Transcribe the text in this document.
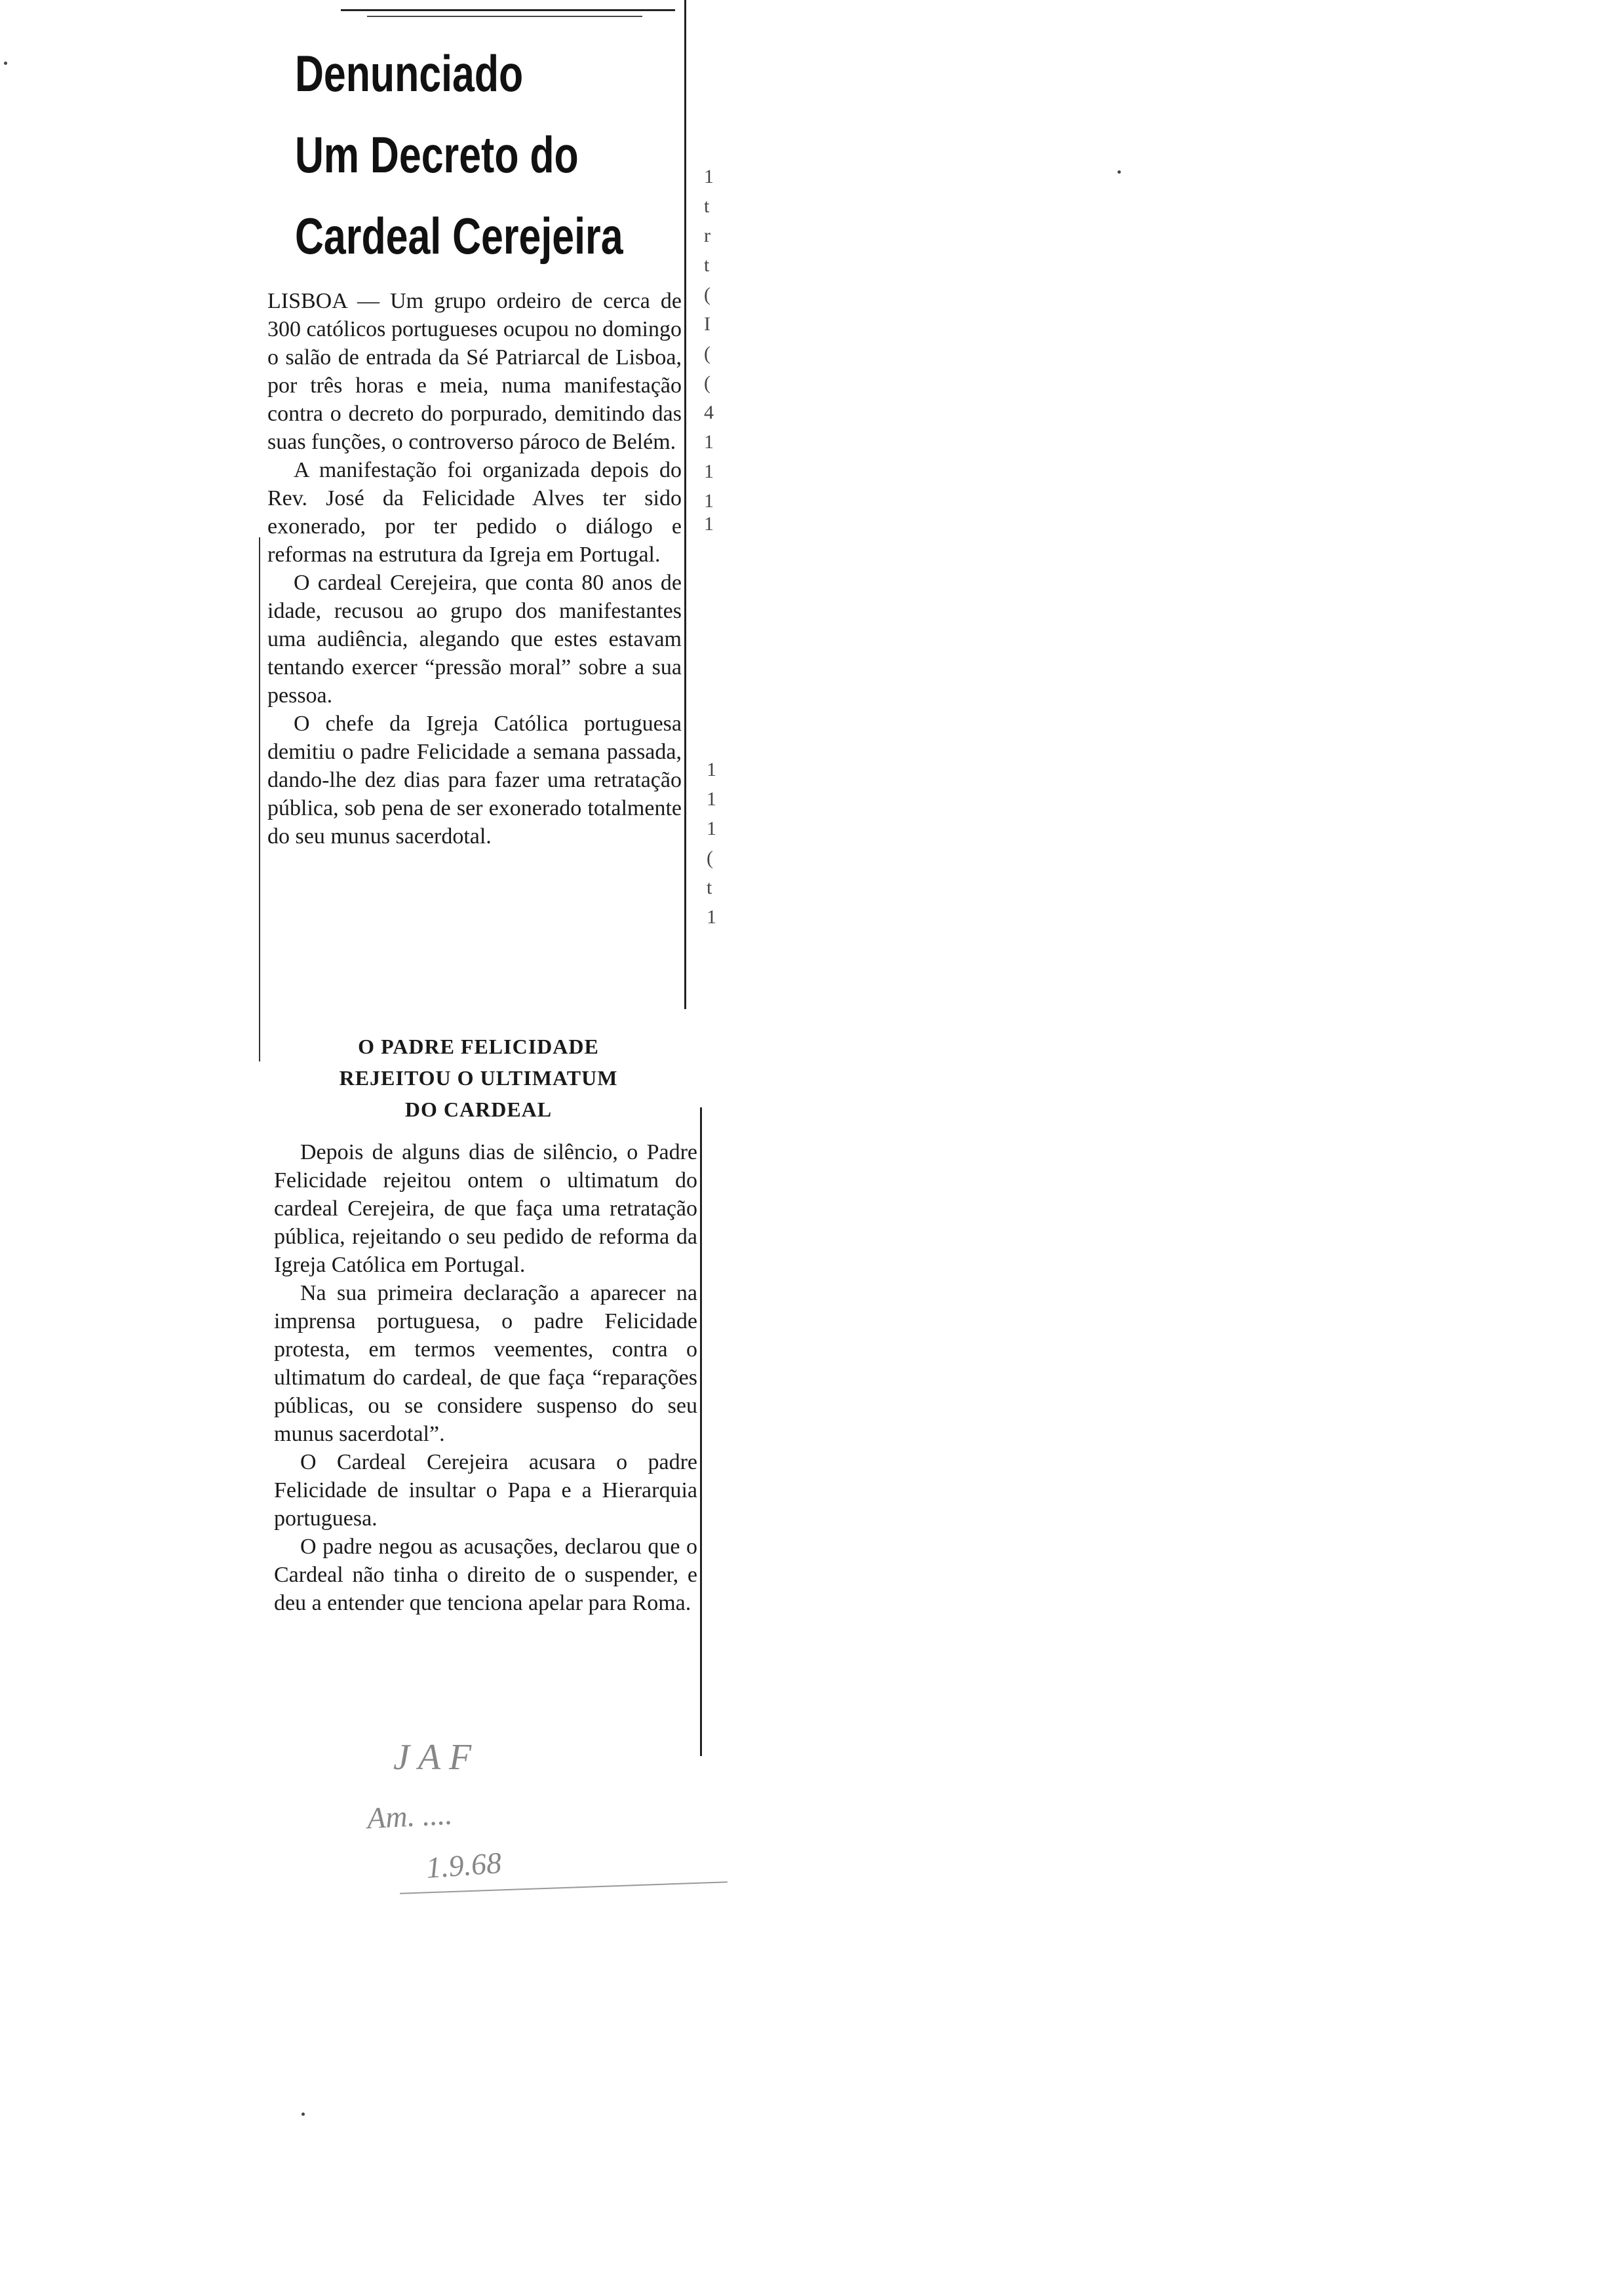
Denunciado
Um Decreto do
Cardeal Cerejeira

LISBOA — Um grupo ordeiro de cerca de 300 católicos portugueses ocupou no domingo o salão de entrada da Sé Patriarcal de Lisboa, por três horas e meia, numa manifestação contra o decreto do porpurado, demitindo das suas funções, o controverso pároco de Belém.

A manifestação foi organizada depois do Rev. José da Felicidade Alves ter sido exonerado, por ter pedido o diálogo e reformas na estrutura da Igreja em Portugal.

O cardeal Cerejeira, que conta 80 anos de idade, recusou ao grupo dos manifestantes uma audiência, alegando que estes estavam tentando exercer “pressão moral” sobre a sua pessoa.

O chefe da Igreja Católica portuguesa demitiu o padre Felicidade a semana passada, dando-lhe dez dias para fazer uma retratação pública, sob pena de ser exonerado totalmente do seu munus sacerdotal.

O PADRE FELICIDADE
REJEITOU O ULTIMATUM
DO CARDEAL

Depois de alguns dias de silêncio, o Padre Felicidade rejeitou ontem o ultimatum do cardeal Cerejeira, de que faça uma retratação pública, rejeitando o seu pedido de reforma da Igreja Católica em Portugal.

Na sua primeira declaração a aparecer na imprensa portuguesa, o padre Felicidade protesta, em termos veementes, contra o ultimatum do cardeal, de que faça “reparações públicas, ou se considere suspenso do seu munus sacerdotal”.

O Cardeal Cerejeira acusara o padre Felicidade de insultar o Papa e a Hierarquia portuguesa.

O padre negou as acusações, declarou que o Cardeal não tinha o direito de o suspender, e deu a entender que tenciona apelar para Roma.

J A F
Am. ....
1.9.68
1
t
r
t
(
I
(
(
4
1
1
1
1
1
1
1
(
t
1
